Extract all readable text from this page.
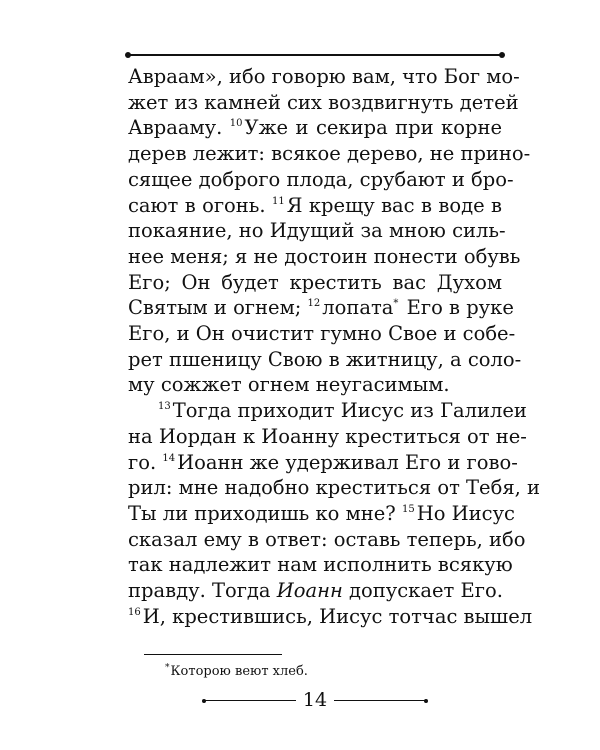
Авраам», ибо говорю вам, что Бог мо-
жет из камней сих воздвигнуть детей
Аврааму. $^{10}$ Уже и секира при корне
дерев лежит: всякое дерево, не прино-
сящее доброго плода, срубают и бро-
сают в огонь. $^{11}$ Я крещу вас в воде в
покаяние, но Идущий за мною силь-
нее меня; я не достоин понести обувь
Его; Он будет крестить вас Духом
Святым и огнем; $^{12}$ лопата* Его в руке
Его, и Он очистит гумно Свое и собе-
рет пшеницу Свою в житницу, а соло-
му сожжет огнем неугасимым.
$^{13}$ Тогда приходит Иисус из Галилеи
на Иордан к Иоанну креститься от не-
го. $^{14}$ Иоанн же удерживал Его и гово-
рил: мне надобно креститься от Тебя, и
Ты ли приходишь ко мне? $^{15}$ Но Иисус
сказал ему в ответ: оставь теперь, ибо
так надлежит нам исполнить всякую
правду. Тогда Иоанн допускает Его.
$^{16}$ И, крестившись, Иисус тотчас вышел
*Которою веют хлеб.
14
